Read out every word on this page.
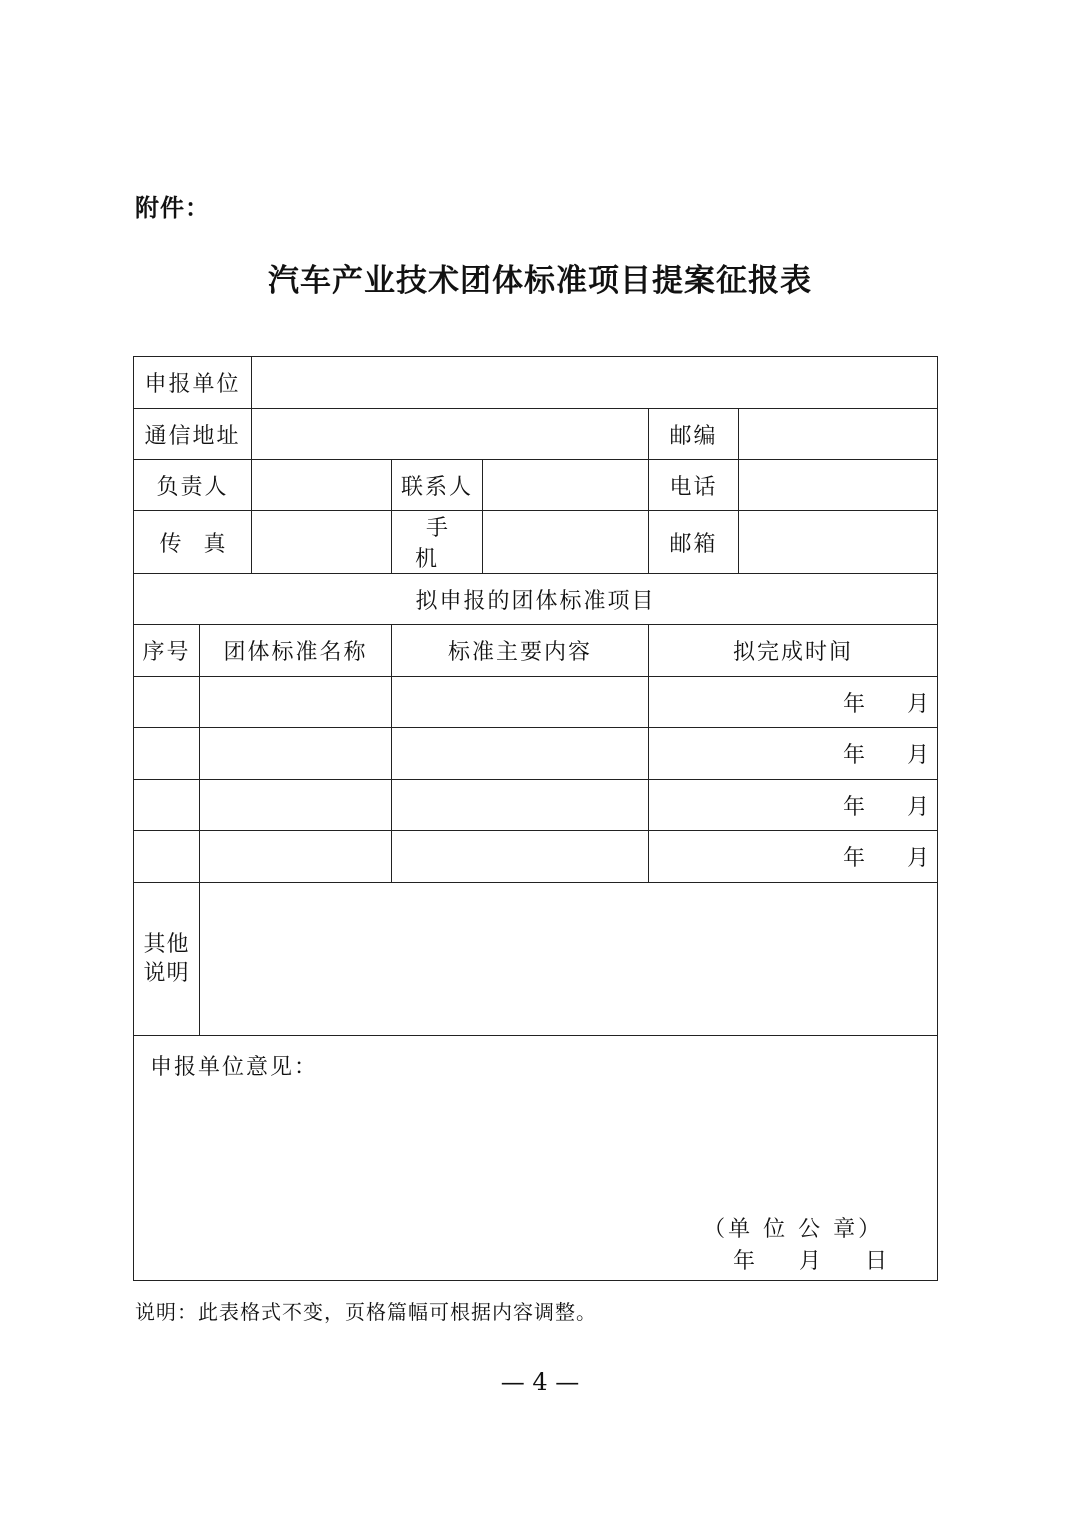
附件：
汽车产业技术团体标准项目提案征报表
申报单位						
通信地址					邮编	
负责人			联系人		电话	
传真			手机		邮箱	
拟申报的团体标准项目						
序号	团体标准名称		标准主要内容		拟完成时间	
					年 月	
					年 月	
					年 月	
					年 月	

其他
说明						

申报单位意见：
（单 位 公 章）
年 月 日						
说明：此表格式不变，页格篇幅可根据内容调整。
— 4 —
